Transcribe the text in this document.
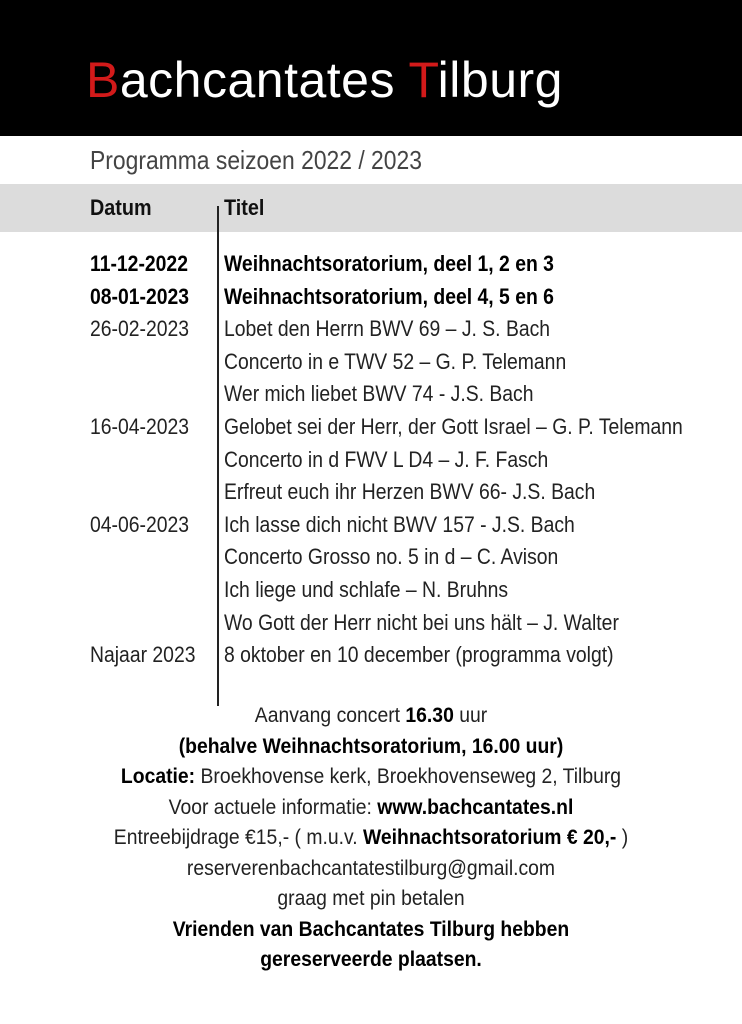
Bachcantates Tilburg
Programma seizoen 2022 / 2023
Datum	Titel
11-12-2022 Weihnachtsoratorium, deel 1, 2 en 3
08-01-2023 Weihnachtsoratorium, deel 4, 5 en 6
26-02-2023 Lobet den Herrn BWV 69 – J. S. Bach
Concerto in e TWV 52 – G. P. Telemann
Wer mich liebet BWV 74 - J.S. Bach
16-04-2023 Gelobet sei der Herr, der Gott Israel – G. P. Telemann
Concerto in d FWV L D4 – J. F. Fasch
Erfreut euch ihr Herzen BWV 66- J.S. Bach
04-06-2023 Ich lasse dich nicht BWV 157 - J.S. Bach
Concerto Grosso no. 5 in d – C. Avison
Ich liege und schlafe – N. Bruhns
Wo Gott der Herr nicht bei uns hält – J. Walter
Najaar 2023 8 oktober en 10 december (programma volgt)
Aanvang concert 16.30 uur
(behalve Weihnachtsoratorium, 16.00 uur)
Locatie: Broekhovense kerk, Broekhovenseweg 2, Tilburg
Voor actuele informatie: www.bachcantates.nl
Entreebijdrage €15,- ( m.u.v. Weihnachtsoratorium € 20,- )
reserverenbachcantatestilburg@gmail.com
graag met pin betalen
Vrienden van Bachcantates Tilburg hebben
gereserveerde plaatsen.
